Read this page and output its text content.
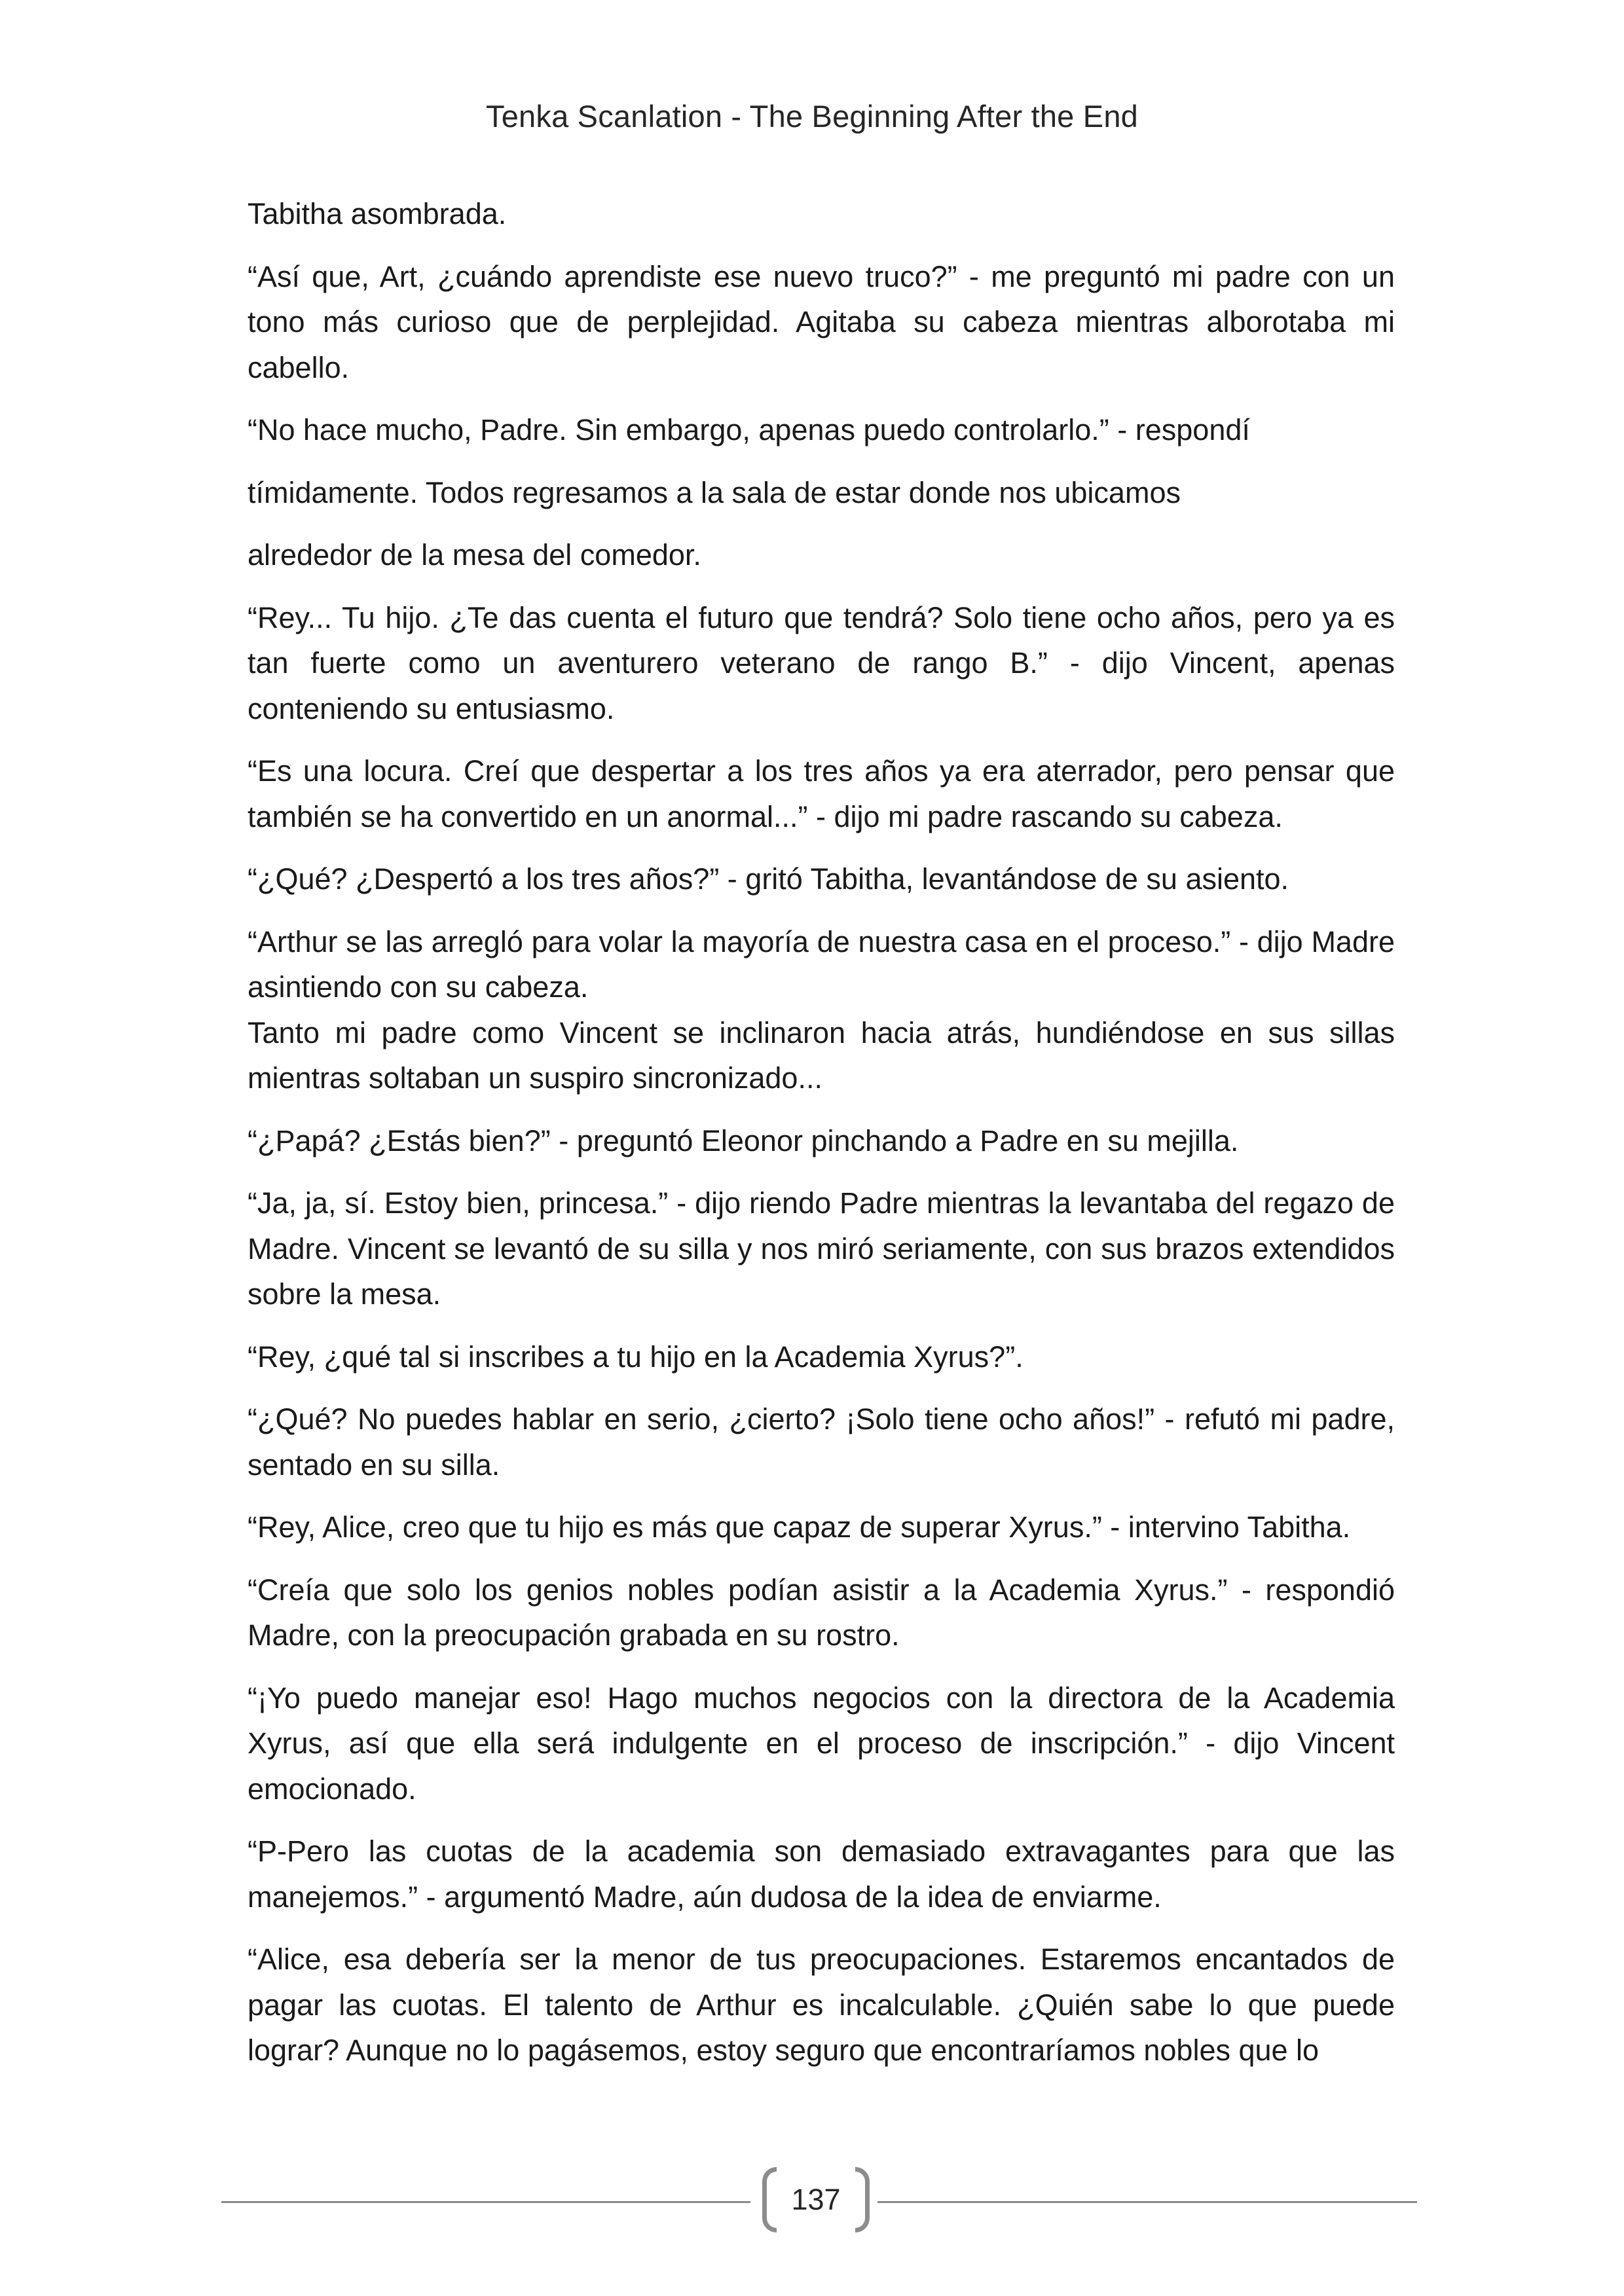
Tenka Scanlation - The Beginning After the End

Tabitha asombrada.

“Así que, Art, ¿cuándo aprendiste ese nuevo truco?” - me preguntó mi padre con un tono más curioso que de perplejidad. Agitaba su cabeza mientras alborotaba mi cabello.

“No hace mucho, Padre. Sin embargo, apenas puedo controlarlo.” - respondí

tímidamente. Todos regresamos a la sala de estar donde nos ubicamos

alrededor de la mesa del comedor.

“Rey... Tu hijo. ¿Te das cuenta el futuro que tendrá? Solo tiene ocho años, pero ya es tan fuerte como un aventurero veterano de rango B.” - dijo Vincent, apenas conteniendo su entusiasmo.

“Es una locura. Creí que despertar a los tres años ya era aterrador, pero pensar que también se ha convertido en un anormal...” - dijo mi padre rascando su cabeza.

“¿Qué? ¿Despertó a los tres años?” - gritó Tabitha, levantándose de su asiento.

“Arthur se las arregló para volar la mayoría de nuestra casa en el proceso.” - dijo Madre asintiendo con su cabeza.

Tanto mi padre como Vincent se inclinaron hacia atrás, hundiéndose en sus sillas mientras soltaban un suspiro sincronizado...

“¿Papá? ¿Estás bien?” - preguntó Eleonor pinchando a Padre en su mejilla.

“Ja, ja, sí. Estoy bien, princesa.” - dijo riendo Padre mientras la levantaba del regazo de Madre. Vincent se levantó de su silla y nos miró seriamente, con sus brazos extendidos sobre la mesa.

“Rey, ¿qué tal si inscribes a tu hijo en la Academia Xyrus?”.

“¿Qué? No puedes hablar en serio, ¿cierto? ¡Solo tiene ocho años!” - refutó mi padre, sentado en su silla.

“Rey, Alice, creo que tu hijo es más que capaz de superar Xyrus.” - intervino Tabitha.

“Creía que solo los genios nobles podían asistir a la Academia Xyrus.” - respondió Madre, con la preocupación grabada en su rostro.

“¡Yo puedo manejar eso! Hago muchos negocios con la directora de la Academia Xyrus, así que ella será indulgente en el proceso de inscripción.” - dijo Vincent emocionado.

“P-Pero las cuotas de la academia son demasiado extravagantes para que las manejemos.” - argumentó Madre, aún dudosa de la idea de enviarme.

“Alice, esa debería ser la menor de tus preocupaciones. Estaremos encantados de pagar las cuotas. El talento de Arthur es incalculable. ¿Quién sabe lo que puede lograr? Aunque no lo pagásemos, estoy seguro que encontraríamos nobles que lo

137
